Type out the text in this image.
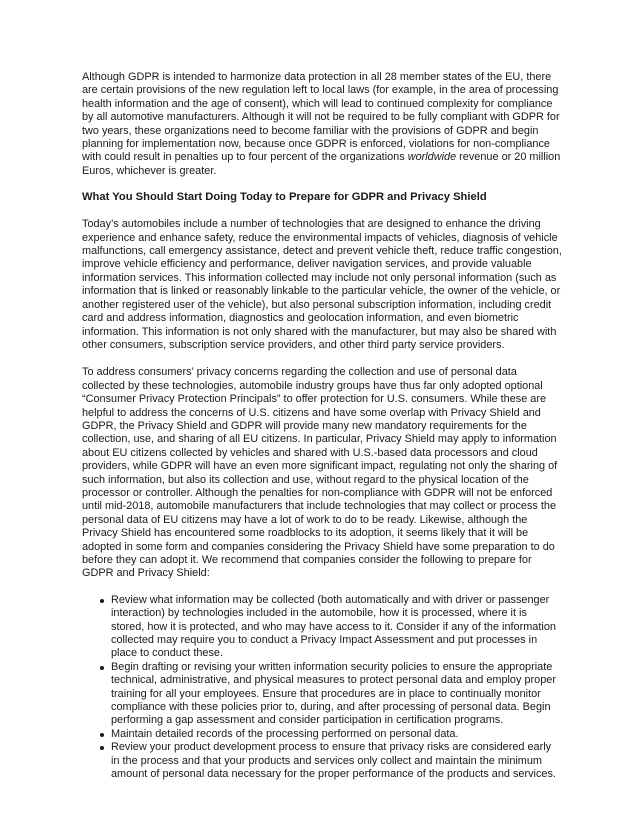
Although GDPR is intended to harmonize data protection in all 28 member states of the EU, there are certain provisions of the new regulation left to local laws (for example, in the area of processing health information and the age of consent), which will lead to continued complexity for compliance by all automotive manufacturers. Although it will not be required to be fully compliant with GDPR for two years, these organizations need to become familiar with the provisions of GDPR and begin planning for implementation now, because once GDPR is enforced, violations for non-compliance with could result in penalties up to four percent of the organizations worldwide revenue or 20 million Euros, whichever is greater.

What You Should Start Doing Today to Prepare for GDPR and Privacy Shield

Today’s automobiles include a number of technologies that are designed to enhance the driving experience and enhance safety, reduce the environmental impacts of vehicles, diagnosis of vehicle malfunctions, call emergency assistance, detect and prevent vehicle theft, reduce traffic congestion, improve vehicle efficiency and performance, deliver navigation services, and provide valuable information services. This information collected may include not only personal information (such as information that is linked or reasonably linkable to the particular vehicle, the owner of the vehicle, or another registered user of the vehicle), but also personal subscription information, including credit card and address information, diagnostics and geolocation information, and even biometric information. This information is not only shared with the manufacturer, but may also be shared with other consumers, subscription service providers, and other third party service providers.

To address consumers’ privacy concerns regarding the collection and use of personal data collected by these technologies, automobile industry groups have thus far only adopted optional “Consumer Privacy Protection Principals” to offer protection for U.S. consumers. While these are helpful to address the concerns of U.S. citizens and have some overlap with Privacy Shield and GDPR, the Privacy Shield and GDPR will provide many new mandatory requirements for the collection, use, and sharing of all EU citizens. In particular, Privacy Shield may apply to information about EU citizens collected by vehicles and shared with U.S.-based data processors and cloud providers, while GDPR will have an even more significant impact, regulating not only the sharing of such information, but also its collection and use, without regard to the physical location of the processor or controller. Although the penalties for non-compliance with GDPR will not be enforced until mid-2018, automobile manufacturers that include technologies that may collect or process the personal data of EU citizens may have a lot of work to do to be ready. Likewise, although the Privacy Shield has encountered some roadblocks to its adoption, it seems likely that it will be adopted in some form and companies considering the Privacy Shield have some preparation to do before they can adopt it. We recommend that companies consider the following to prepare for GDPR and Privacy Shield:

Review what information may be collected (both automatically and with driver or passenger interaction) by technologies included in the automobile, how it is processed, where it is stored, how it is protected, and who may have access to it. Consider if any of the information collected may require you to conduct a Privacy Impact Assessment and put processes in place to conduct these.
Begin drafting or revising your written information security policies to ensure the appropriate technical, administrative, and physical measures to protect personal data and employ proper training for all your employees. Ensure that procedures are in place to continually monitor compliance with these policies prior to, during, and after processing of personal data. Begin performing a gap assessment and consider participation in certification programs.
Maintain detailed records of the processing performed on personal data.
Review your product development process to ensure that privacy risks are considered early in the process and that your products and services only collect and maintain the minimum amount of personal data necessary for the proper performance of the products and services.
